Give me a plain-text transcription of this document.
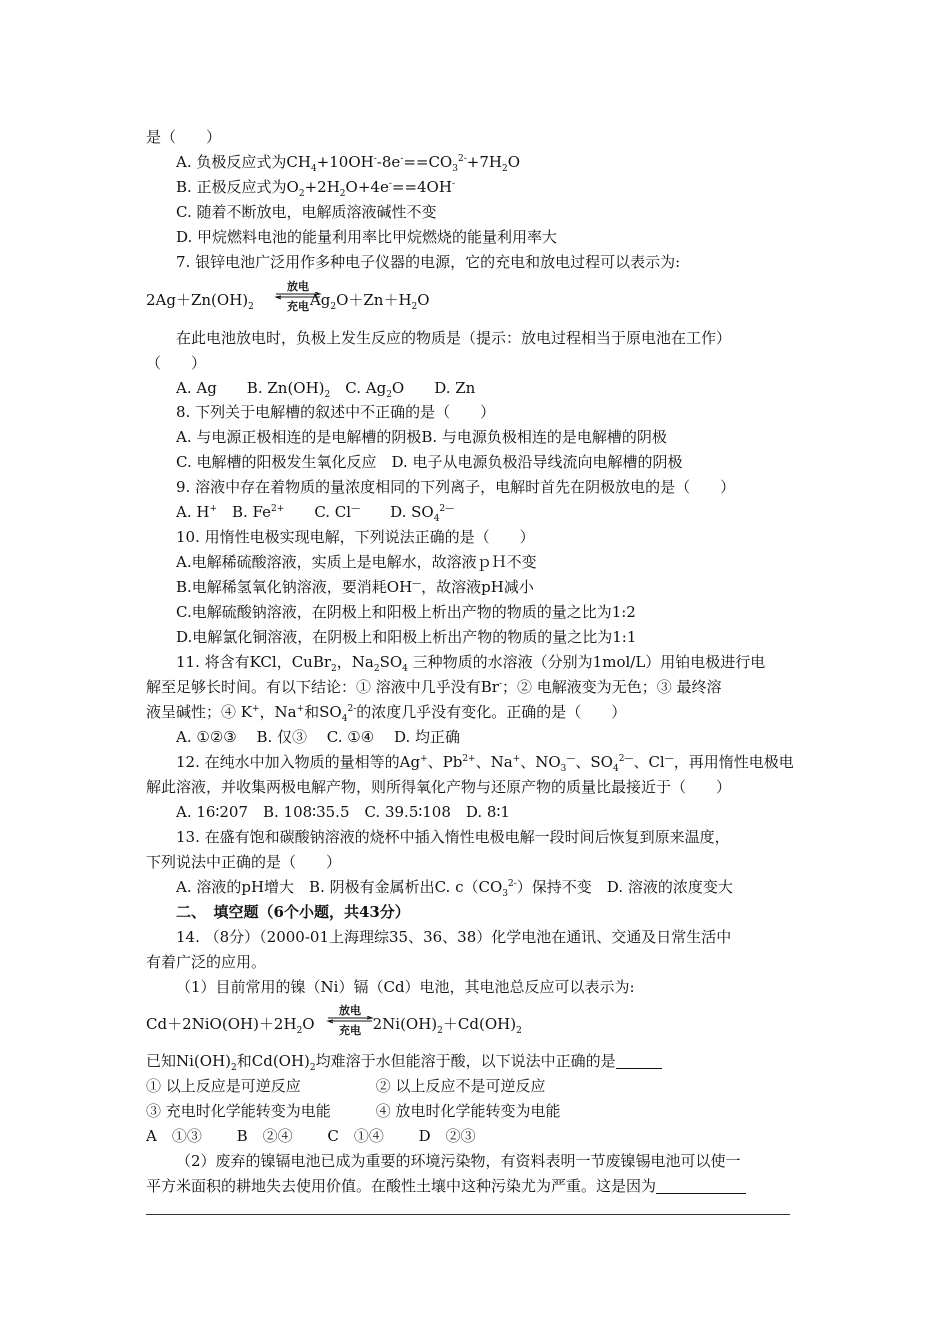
是（　　）
A. 负极反应式为$CH_4+10OH^--8e^-==CO_3^{2-}+7H_2O$
B. 正极反应式为$O_2+2H_2O+4e^-==4OH^-$
C. 随着不断放电，电解质溶液碱性不变
D. 甲烷燃料电池的能量利用率比甲烷燃烧的能量利用率大
7. 银锌电池广泛用作多种电子仪器的电源，它的充电和放电过程可以表示为:
$2Ag+Zn(OH)_2$	$Ag_2O+Zn+H_2O$
放电
充电
在此电池放电时，负极上发生反应的物质是（提示：放电过程相当于原电池在工作）
（　　）
A. Ag　　B. $Zn(OH)_2$　C. $Ag_2O$　　D. Zn
8. 下列关于电解槽的叙述中不正确的是（　　）
A. 与电源正极相连的是电解槽的阴极B. 与电源负极相连的是电解槽的阴极
C. 电解槽的阳极发生氧化反应　D. 电子从电源负极沿导线流向电解槽的阴极
9. 溶液中存在着物质的量浓度相同的下列离子，电解时首先在阴极放电的是（　　）
A. H+　B. $Fe^{2+}$　　C. Cl—　　D. $SO_4^{2—}$
10. 用惰性电极实现电解，下列说法正确的是（　　）
A.电解稀硫酸溶液，实质上是电解水，故溶液ｐＨ不变
B.电解稀氢氧化钠溶液，要消耗OH—，故溶液pH减小
C.电解硫酸钠溶液，在阴极上和阳极上析出产物的物质的量之比为1:2
D.电解氯化铜溶液，在阴极上和阳极上析出产物的物质的量之比为1:1
11. 将含有KCl，CuBr$_2$，$Na_2SO_4$ 三种物质的水溶液（分别为1mol/L）用铂电极进行电
解至足够长时间。有以下结论：① 溶液中几乎没有Br-；② 电解液变为无色；③ 最终溶
液呈碱性；④ K+，Na+和$SO_4^{2-}$的浓度几乎没有变化。正确的是（　　）
A. ①②③　 B. 仅③　 C. ①④　 D. 均正确
12. 在纯水中加入物质的量相等的Ag+、$Pb^{2+}$、Na+、$NO_3^—$、$SO_4^{2—}$、Cl—，再用惰性电极电
解此溶液，并收集两极电解产物，则所得氧化产物与还原产物的质量比最接近于（　　）
A. 16∶207　B. 108∶35.5　C. 39.5∶108　D. 8∶1
13. 在盛有饱和碳酸钠溶液的烧杯中插入惰性电极电解一段时间后恢复到原来温度，
下列说法中正确的是（　　）
A. 溶液的pH增大　B. 阴极有金属析出C. $c(CO_3^{2-})$保持不变　D. 溶液的浓度变大
二、　填空题（6个小题，共43分）
14. （8分）（2000-01上海理综35、36、38）化学电池在通讯、交通及日常生活中
有着广泛的应用。
（1）目前常用的镍（Ni）镉（Cd）电池，其电池总反应可以表示为:
$Cd+2NiO(OH)+2H_2O$	$2Ni(OH)_2+Cd(OH)_2$
放电
充电
已知$Ni(OH)_2$和$Cd(OH)_2$均难溶于水但能溶于酸，以下说法中正确的是
① 以上反应是可逆反应　　　　　② 以上反应不是可逆反应
③ 充电时化学能转变为电能　　　④ 放电时化学能转变为电能
A　①③　　 B　②④　　 C　①④　　 D　②③
（2）废弃的镍镉电池已成为重要的环境污染物，有资料表明一节废镍锡电池可以使一
平方米面积的耕地失去使用价值。在酸性土壤中这种污染尤为严重。这是因为
